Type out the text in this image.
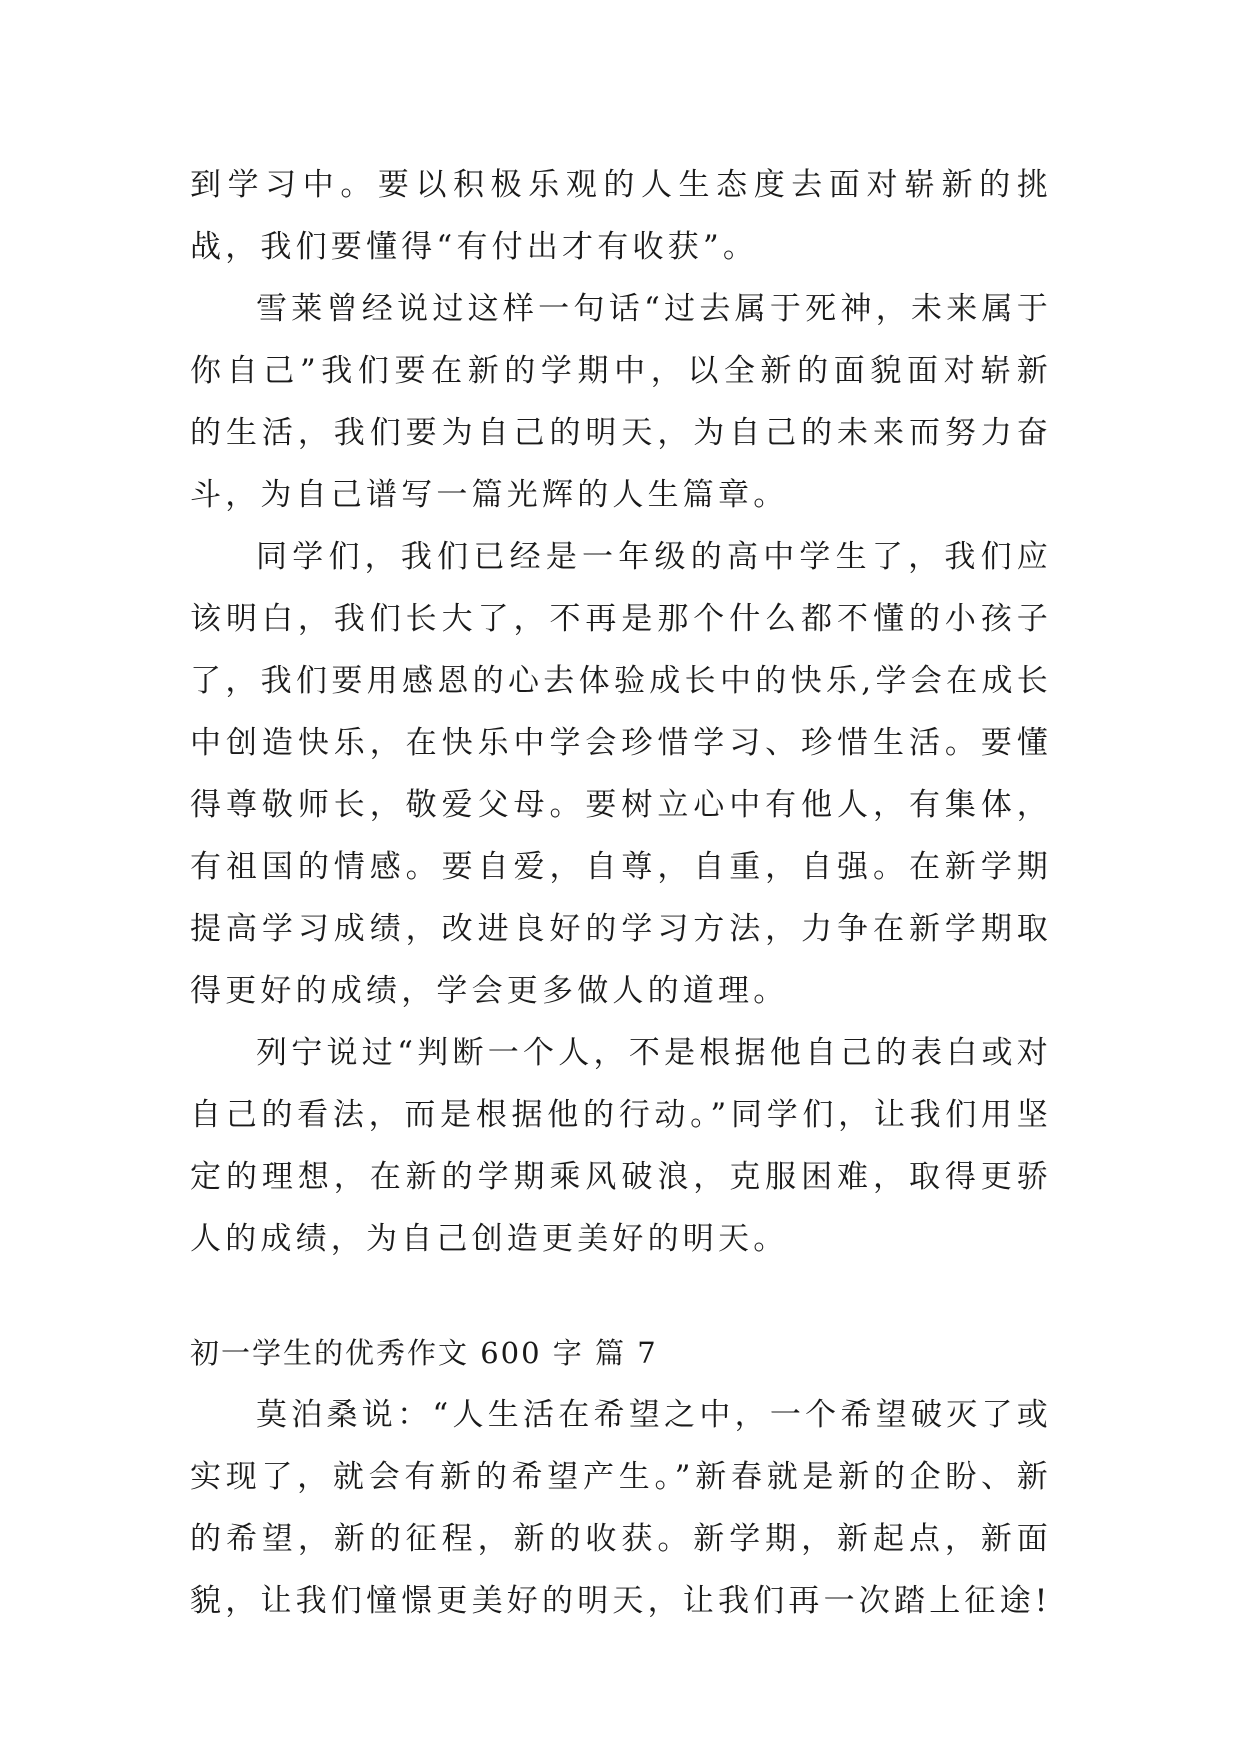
到学习中。要以积极乐观的人生态度去面对崭新的挑战，我们要懂得“有付出才有收获”。

雪莱曾经说过这样一句话“过去属于死神，未来属于你自己”我们要在新的学期中，以全新的面貌面对崭新的生活，我们要为自己的明天，为自己的未来而努力奋斗，为自己谱写一篇光辉的人生篇章。

同学们，我们已经是一年级的高中学生了，我们应该明白，我们长大了，不再是那个什么都不懂的小孩子了，我们要用感恩的心去体验成长中的快乐,学会在成长中创造快乐，在快乐中学会珍惜学习、珍惜生活。要懂得尊敬师长，敬爱父母。要树立心中有他人，有集体，有祖国的情感。要自爱，自尊，自重，自强。在新学期提高学习成绩，改进良好的学习方法，力争在新学期取得更好的成绩，学会更多做人的道理。

列宁说过“判断一个人，不是根据他自己的表白或对自己的看法，而是根据他的行动。”同学们，让我们用坚定的理想，在新的学期乘风破浪，克服困难，取得更骄人的成绩，为自己创造更美好的明天。

初一学生的优秀作文 600 字 篇 7

莫泊桑说：“人生活在希望之中，一个希望破灭了或实现了，就会有新的希望产生。”新春就是新的企盼、新的希望，新的征程，新的收获。新学期，新起点，新面貌，让我们憧憬更美好的明天，让我们再一次踏上征途!
